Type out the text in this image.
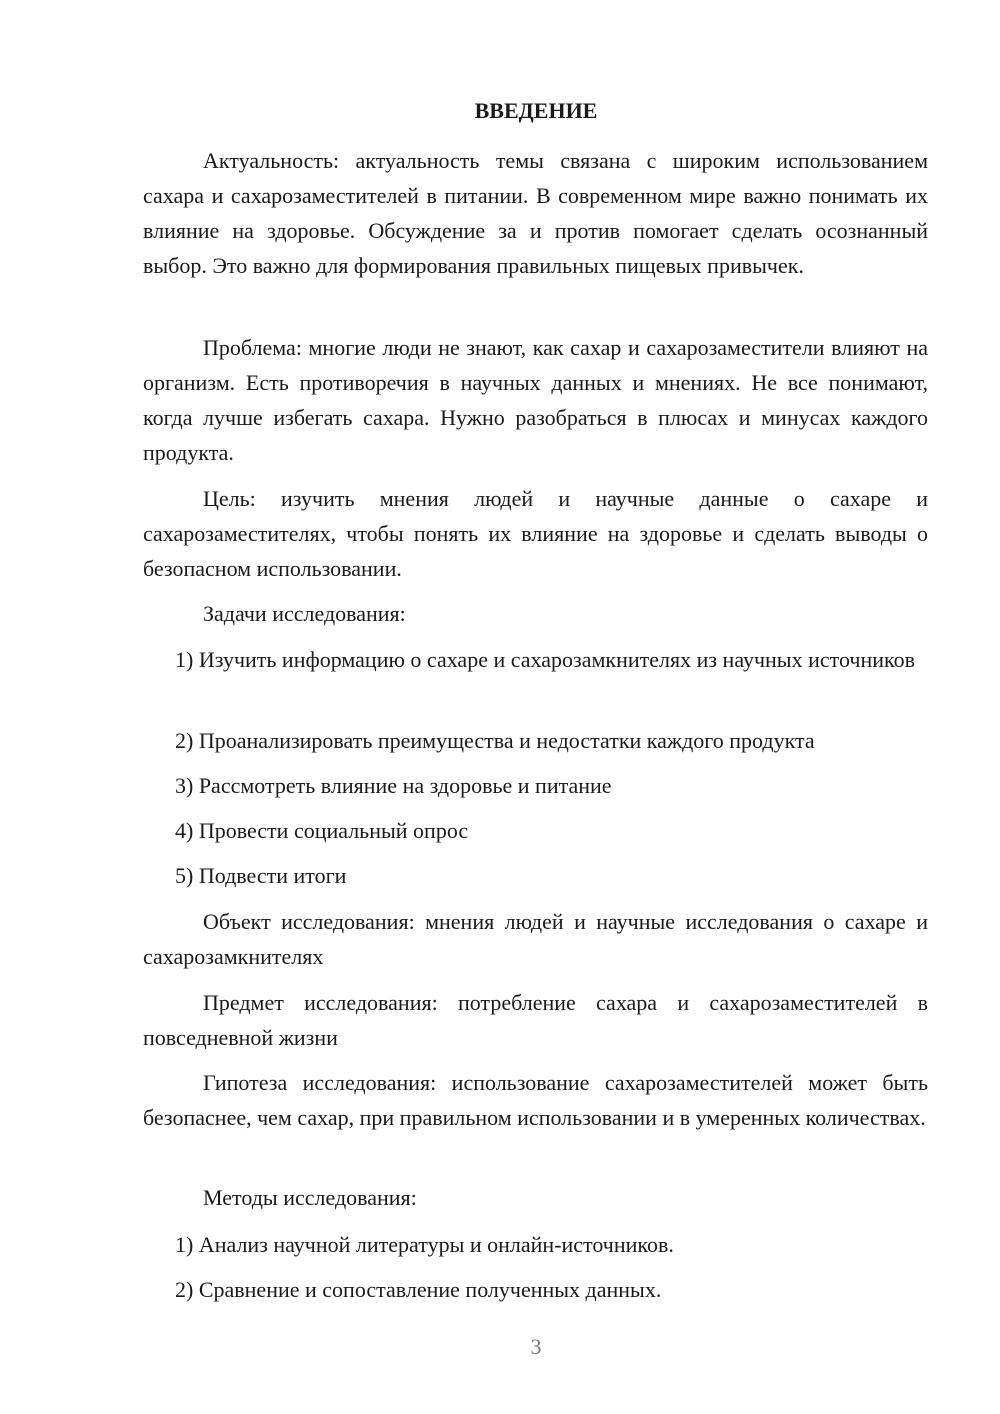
ВВЕДЕНИЕ

Актуальность: актуальность темы связана с широким использованием сахара и сахарозаместителей в питании. В современном мире важно понимать их влияние на здоровье. Обсуждение за и против помогает сделать осознанный выбор. Это важно для формирования правильных пищевых привычек.

Проблема: многие люди не знают, как сахар и сахарозаместители влияют на организм. Есть противоречия в научных данных и мнениях. Не все понимают, когда лучше избегать сахара. Нужно разобраться в плюсах и минусах каждого продукта.

Цель: изучить мнения людей и научные данные о сахаре и сахарозаместителях, чтобы понять их влияние на здоровье и сделать выводы о безопасном использовании.

Задачи исследования:

1) Изучить информацию о сахаре и сахарозамкнителях из научных источников

2) Проанализировать преимущества и недостатки каждого продукта
3) Рассмотреть влияние на здоровье и питание
4) Провести социальный опрос
5) Подвести итоги

Объект исследования: мнения людей и научные исследования о сахаре и сахарозамкнителях

Предмет исследования: потребление сахара и сахарозаместителей в повседневной жизни

Гипотеза исследования: использование сахарозаместителей может быть безопаснее, чем сахар, при правильном использовании и в умеренных количествах.

Методы исследования:
1) Анализ научной литературы и онлайн-источников.
2) Сравнение и сопоставление полученных данных.
3
